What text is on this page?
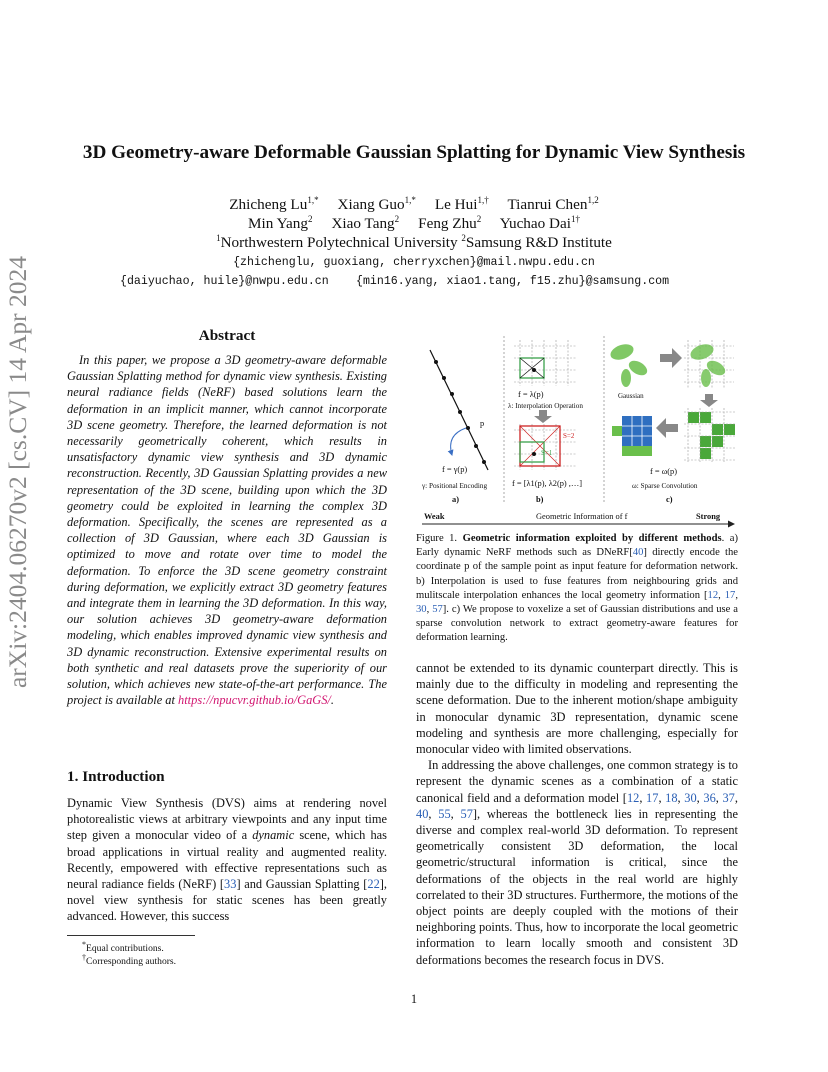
arXiv:2404.06270v2 [cs.CV] 14 Apr 2024
3D Geometry-aware Deformable Gaussian Splatting for Dynamic View Synthesis
Zhicheng $Lu^{1,*}$ Xiang Guo$^{1,*}$ Le Hui$^{1,\dagger}$ Tianrui Chen$^{1,2}$
Min Yang$^2$ Xiao Tang$^2$ Feng Zhu$^2$ Yuchao Dai$^{1\dagger}$
$^1$Northwestern Polytechnical University $^2$Samsung R&D Institute
{zhichenglu, guoxiang, cherryxchen}@mail.nwpu.edu.cn
{daiyuchao, huile}@nwpu.edu.cn {min16.yang, xiao1.tang, f15.zhu}@samsung.com
Abstract
In this paper, we propose a 3D geometry-aware deformable Gaussian Splatting method for dynamic view synthesis. Existing neural radiance fields (NeRF) based solutions learn the deformation in an implicit manner, which cannot incorporate 3D scene geometry. Therefore, the learned deformation is not necessarily geometrically coherent, which results in unsatisfactory dynamic view synthesis and 3D dynamic reconstruction. Recently, 3D Gaussian Splatting provides a new representation of the 3D scene, building upon which the 3D geometry could be exploited in learning the complex 3D deformation. Specifically, the scenes are represented as a collection of 3D Gaussian, where each 3D Gaussian is optimized to move and rotate over time to model the deformation. To enforce the 3D scene geometry constraint during deformation, we explicitly extract 3D geometry features and integrate them in learning the 3D deformation. In this way, our solution achieves 3D geometry-aware deformation modeling, which enables improved dynamic view synthesis and 3D dynamic reconstruction. Extensive experimental results on both synthetic and real datasets prove the superiority of our solution, which achieves new state-of-the-art performance. The project is available at https://npucvr.github.io/GaGS/.
1. Introduction
Dynamic View Synthesis (DVS) aims at rendering novel photorealistic views at arbitrary viewpoints and any input time step given a monocular video of a dynamic scene, which has broad applications in virtual reality and augmented reality. Recently, empowered with effective representations such as neural radiance fields (NeRF) [33] and Gaussian Splatting [22], novel view synthesis for static scenes has been greatly advanced. However, this success
*Equal contributions.
†Corresponding authors.
p
f = γ(p)
γ: Positional Encoding
a)
f = λ(p)
λ: Interpolation Operation
S=2
S=1
f = [λ1(p), λ2(p) ,…]
b)
Gaussian
f = ω(p)
ω: Sparse Convolution
c)
Weak	Geometric Information of f	Strong
Figure 1. Geometric information exploited by different methods. a) Early dynamic NeRF methods such as DNeRF[40] directly encode the coordinate p of the sample point as input feature for deformation network. b) Interpolation is used to fuse features from neighbouring grids and mulitscale interpolation enhances the local geometry information [12, 17, 30, 57]. c) We propose to voxelize a set of Gaussian distributions and use a sparse convolution network to extract geometry-aware features for deformation learning.
cannot be extended to its dynamic counterpart directly. This is mainly due to the difficulty in modeling and representing the scene deformation. Due to the inherent motion/shape ambiguity in monocular dynamic 3D representation, dynamic scene modeling and synthesis are more challenging, especially for monocular video with limited observations.
In addressing the above challenges, one common strategy is to represent the dynamic scenes as a combination of a static canonical field and a deformation model [12, 17, 18, 30, 36, 37, 40, 55, 57], whereas the bottleneck lies in representing the diverse and complex real-world 3D deformation. To represent geometrically consistent 3D deformation, the local geometric/structural information is critical, since the deformations of the objects in the real world are highly correlated to their 3D structures. Furthermore, the motions of the object points are deeply coupled with the motions of their neighboring points. Thus, how to incorporate the local geometric information to learn locally smooth and consistent 3D deformations becomes the research focus in DVS.
1
